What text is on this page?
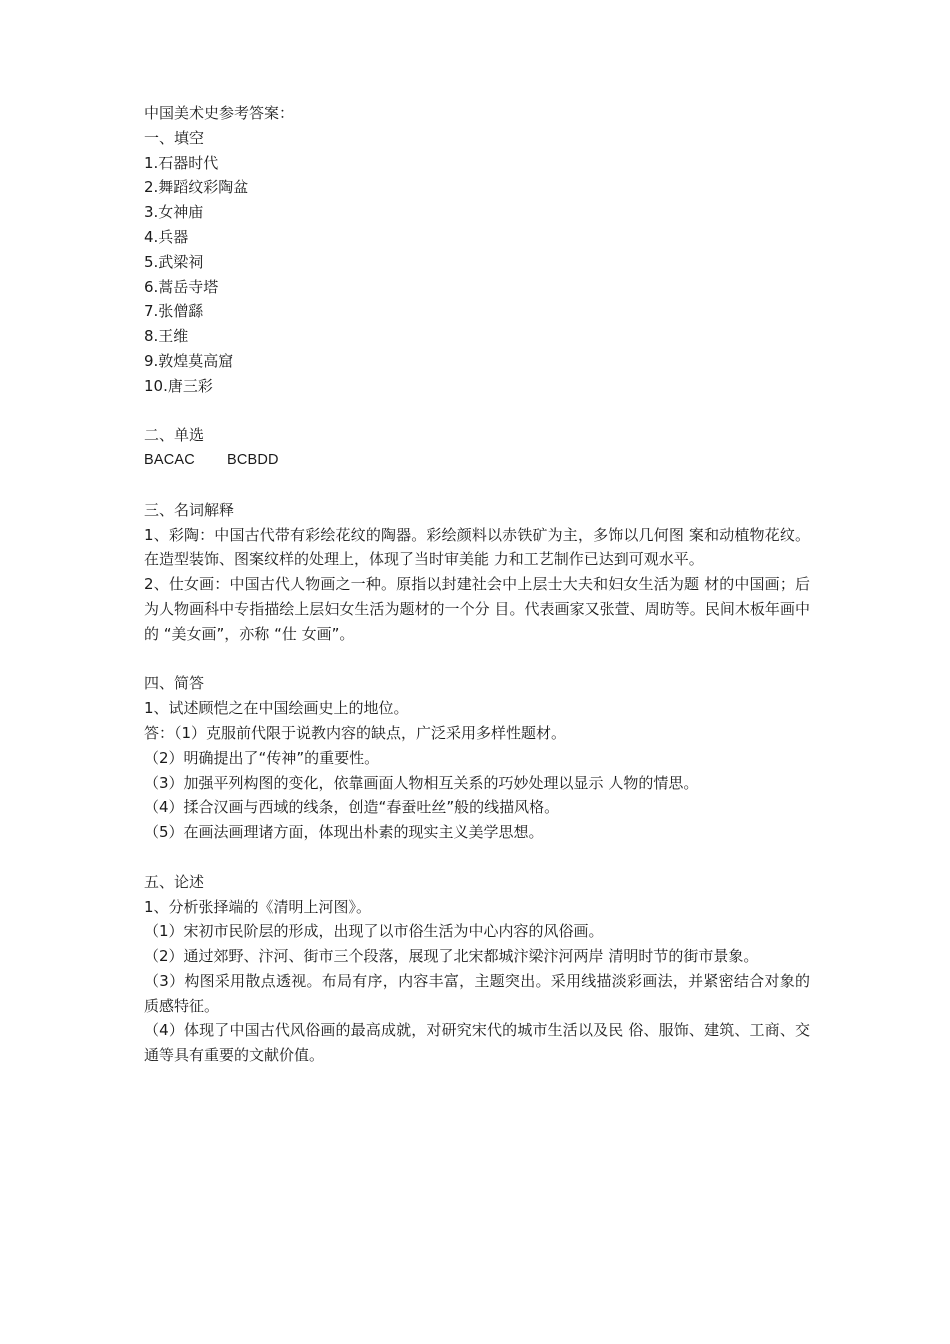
中国美术史参考答案：
一、填空
1.石器时代
2.舞蹈纹彩陶盆
3.女神庙
4.兵器
5.武梁祠
6.蒿岳寺塔
7.张僧繇
8.王维
9.敦煌莫高窟
10.唐三彩
二、单选
BACAC BCBDD
三、名词解释
1、彩陶：中国古代带有彩绘花纹的陶器。彩绘颜料以赤铁矿为主，多饰以几何图 案和动植物花纹。在造型装饰、图案纹样的处理上，体现了当时审美能 力和工艺制作已达到可观水平。
2、仕女画：中国古代人物画之一种。原指以封建社会中上层士大夫和妇女生活为题 材的中国画；后为人物画科中专指描绘上层妇女生活为题材的一个分 目。代表画家又张萱、周昉等。民间木板年画中的 “美女画”，亦称 “仕 女画”。
四、简答
1、试述顾恺之在中国绘画史上的地位。
答：（1）克服前代限于说教内容的缺点，广泛采用多样性题材。
（2）明确提出了“传神”的重要性。
（3）加强平列构图的变化，依靠画面人物相互关系的巧妙处理以显示 人物的情思。
（4）揉合汉画与西域的线条，创造“春蚕吐丝”般的线描风格。
（5）在画法画理诸方面，体现出朴素的现实主义美学思想。
五、论述
1、分析张择端的《清明上河图》。
（1）宋初市民阶层的形成，出现了以市俗生活为中心内容的风俗画。
（2）通过郊野、汴河、街市三个段落，展现了北宋都城汴梁汴河两岸 清明时节的街市景象。
（3）构图采用散点透视。布局有序，内容丰富，主题突出。采用线描淡彩画法，并紧密结合对象的质感特征。
（4）体现了中国古代风俗画的最高成就，对研究宋代的城市生活以及民 俗、服饰、建筑、工商、交通等具有重要的文献价值。
